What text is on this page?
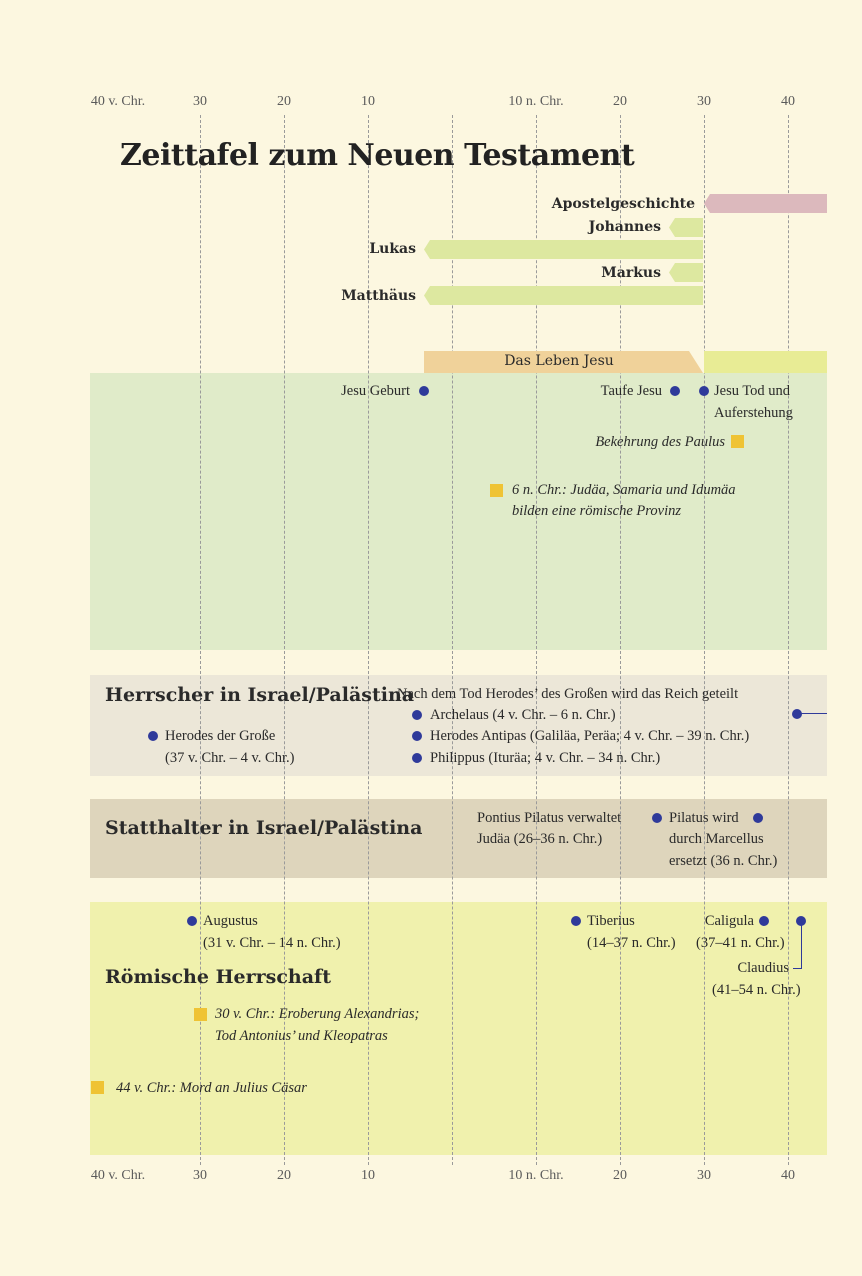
40 v. Chr.	30	20	10	10 n. Chr.	20	30	40
40 v. Chr.	30	20	10	10 n. Chr.	20	30	40
Zeittafel zum Neuen Testament
Apostelgeschichte
Johannes
Lukas
Markus
Matthäus
Das Leben Jesu
Jesu Geburt	Taufe Jesu	Jesu Tod und
Auferstehung
Bekehrung des Paulus
6 n. Chr.: Judäa, Samaria und Idumäa
bilden eine römische Provinz
Herrscher in Israel/Palästina
Nach dem Tod Herodes’ des Großen wird das Reich geteilt
Herodes der Große
(37 v. Chr. – 4 v. Chr.)
Archelaus (4 v. Chr. – 6 n. Chr.)
Herodes Antipas (Galiläa, Peräa; 4 v. Chr. – 39 n. Chr.)
Philippus (Ituräa; 4 v. Chr. – 34 n. Chr.)
Statthalter in Israel/Palästina	Pontius Pilatus verwaltet
Judäa (26–36 n. Chr.)
Pilatus wird
durch Marcellus
ersetzt (36 n. Chr.)
Augustus
(31 v. Chr. – 14 n. Chr.)
Tiberius
(14–37 n. Chr.)
Caligula
(37–41 n. Chr.)
Claudius
(41–54 n. Chr.)
Römische Herrschaft
30 v. Chr.: Eroberung Alexandrias;
Tod Antonius’ und Kleopatras
44 v. Chr.: Mord an Julius Cäsar
